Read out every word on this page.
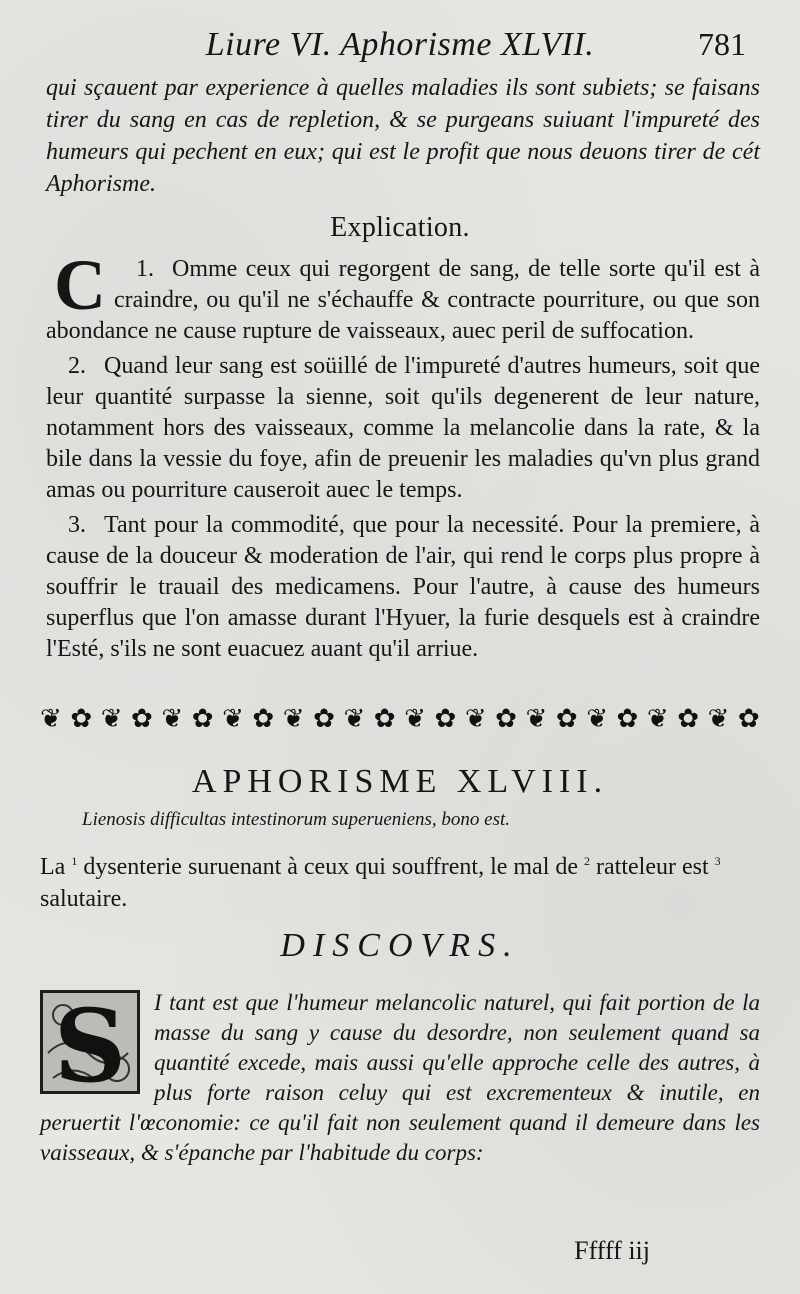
Liure VI. Aphorisme XLVII.	781

qui sçauent par experience à quelles maladies ils sont subiets; se faisans tirer du sang en cas de repletion, & se purgeans suiuant l'impureté des humeurs qui pechent en eux; qui est le profit que nous deuons tirer de cét Aphorisme.

Explication.

1.
C	Omme ceux qui regorgent de sang, de telle sorte qu'il est à craindre, ou qu'il ne s'échauffe & contracte pourriture, ou que son abondance ne cause rupture de vaisseaux, auec peril de suffocation.

2. Quand leur sang est soüillé de l'impureté d'autres humeurs, soit que leur quantité surpasse la sienne, soit qu'ils degenerent de leur nature, notamment hors des vaisseaux, comme la melancolie dans la rate, & la bile dans la vessie du foye, afin de preuenir les maladies qu'vn plus grand amas ou pourriture causeroit auec le temps.

3. Tant pour la commodité, que pour la necessité. Pour la premiere, à cause de la douceur & moderation de l'air, qui rend le corps plus propre à souffrir le trauail des medicamens. Pour l'autre, à cause des humeurs superflus que l'on amasse durant l'Hyuer, la furie desquels est à craindre l'Esté, s'ils ne sont euacuez auant qu'il arriue.

❦ ✿ ❦ ✿ ❦ ✿ ❦ ✿ ❦ ✿ ❦ ✿ ❦ ✿ ❦ ✿ ❦ ✿ ❦ ✿ ❦ ✿ ❦ ✿
APHORISME XLVIII.
Lienosis difficultas intestinorum superueniens, bono est.

La $^1$ dysenterie suruenant à ceux qui souffrent, le mal de $^2$ ratteleur est $^3$ salutaire.

DISCOVRS.
S	I tant est que l'humeur melancolic naturel, qui fait portion de la masse du sang y cause du desordre, non seulement quand sa quantité excede, mais aussi qu'elle approche celle des autres, à plus forte raison celuy qui est excrementeux & inutile, en peruertit l'œconomie: ce qu'il fait non seulement quand il demeure dans les vaisseaux, & s'épanche par l'habitude du corps:

Fffff iij
